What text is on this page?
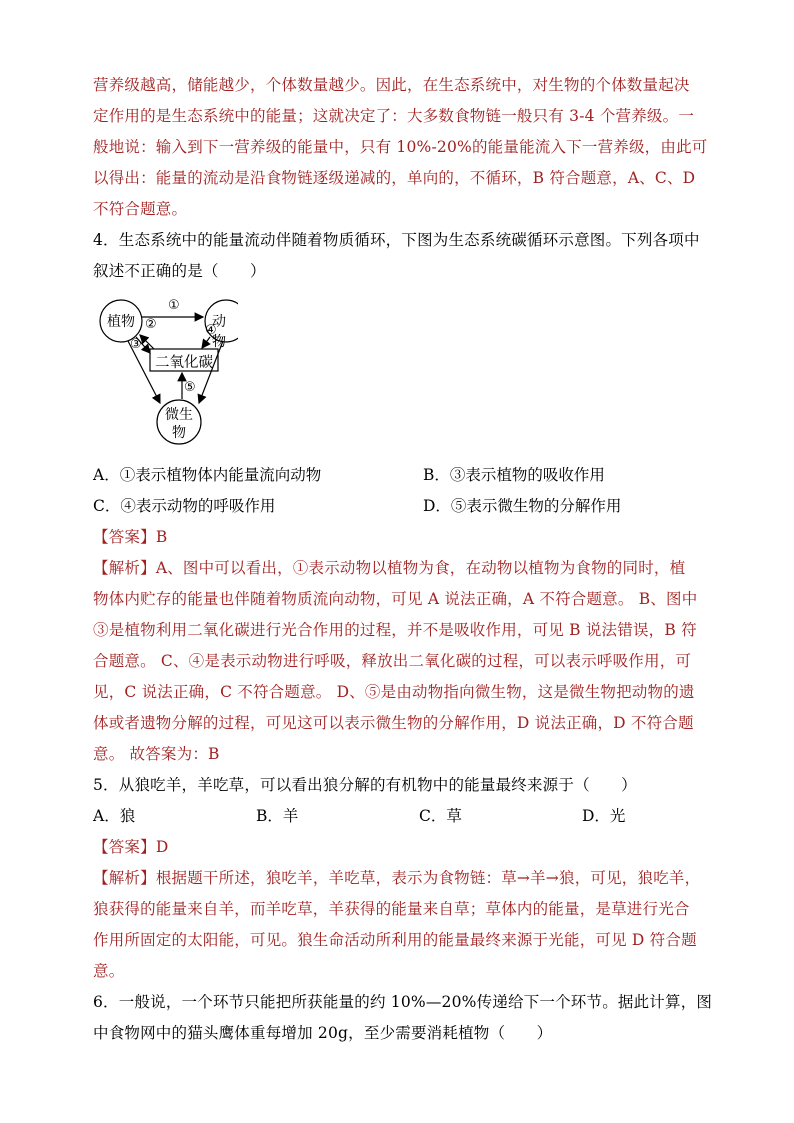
营养级越高，储能越少，个体数量越少。因此，在生态系统中，对生物的个体数量起决
定作用的是生态系统中的能量；这就决定了：大多数食物链一般只有 3-4 个营养级。一
般地说：输入到下一营养级的能量中，只有 10%-20%的能量能流入下一营养级，由此可
以得出：能量的流动是沿食物链逐级递减的，单向的，不循环，B 符合题意，A、C、D
不符合题意。
4．生态系统中的能量流动伴随着物质循环，下图为生态系统碳循环示意图。下列各项中
叙述不正确的是（　　）
植物	动物
二氧化碳
微生
物
①
②
③
④
⑤
A．①表示植物体内能量流向动物	B．③表示植物的吸收作用
C．④表示动物的呼吸作用	D．⑤表示微生物的分解作用
【答案】B
【解析】A、图中可以看出，①表示动物以植物为食，在动物以植物为食物的同时，植
物体内贮存的能量也伴随着物质流向动物，可见 A 说法正确，A 不符合题意。 B、图中
③是植物利用二氧化碳进行光合作用的过程，并不是吸收作用，可见 B 说法错误，B 符
合题意。 C、④是表示动物进行呼吸，释放出二氧化碳的过程，可以表示呼吸作用，可
见，C 说法正确，C 不符合题意。 D、⑤是由动物指向微生物，这是微生物把动物的遗
体或者遗物分解的过程，可见这可以表示微生物的分解作用，D 说法正确，D 不符合题
意。 故答案为：B
5．从狼吃羊，羊吃草，可以看出狼分解的有机物中的能量最终来源于（　　）
A．狼	B．羊	C．草	D．光
【答案】D
【解析】根据题干所述，狼吃羊，羊吃草，表示为食物链：草→羊→狼，可见，狼吃羊，
狼获得的能量来自羊，而羊吃草，羊获得的能量来自草；草体内的能量，是草进行光合
作用所固定的太阳能，可见。狼生命活动所利用的能量最终来源于光能，可见 D 符合题
意。
6．一般说，一个环节只能把所获能量的约 10%—20%传递给下一个环节。据此计算，图
中食物网中的猫头鹰体重每增加 20g，至少需要消耗植物（　　）
